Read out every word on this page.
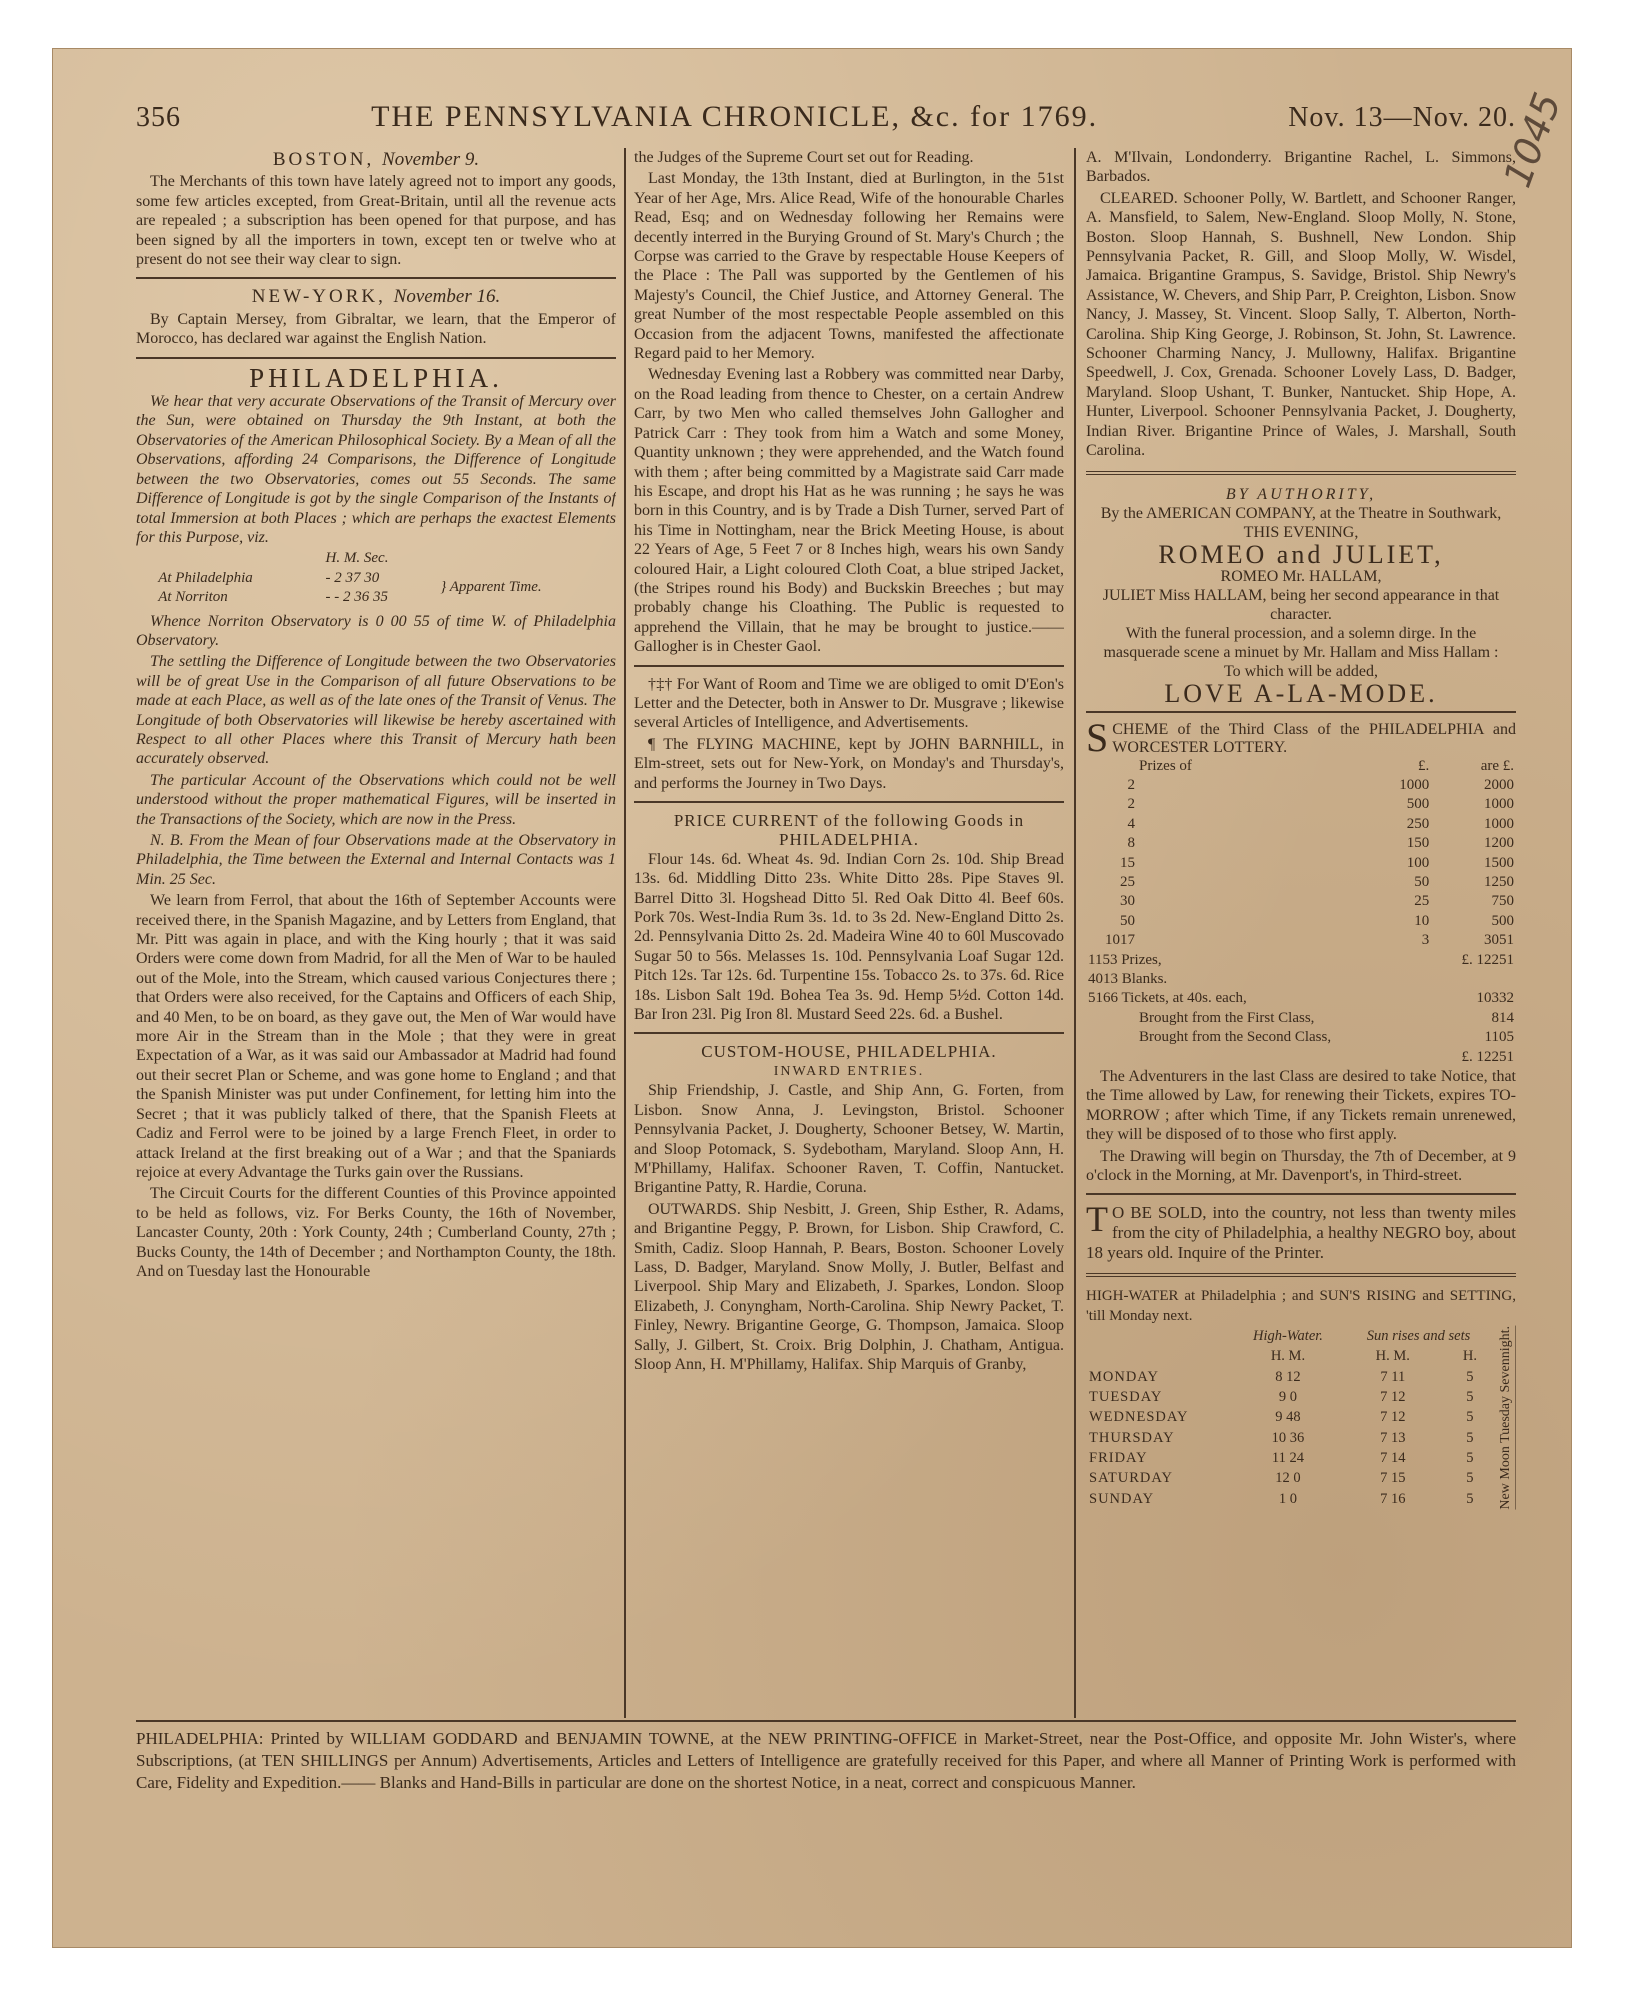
356	THE PENNSYLVANIA CHRONICLE, &c. for 1769.	Nov. 13—Nov. 20.
1045
BOSTON, November 9.

The Merchants of this town have lately agreed not to import any goods, some few articles excepted, from Great-Britain, until all the revenue acts are repealed ; a subscription has been opened for that purpose, and has been signed by all the importers in town, except ten or twelve who at present do not see their way clear to sign.

NEW-YORK, November 16.

By Captain Mersey, from Gibraltar, we learn, that the Emperor of Morocco, has declared war against the English Nation.

PHILADELPHIA.

We hear that very accurate Observations of the Transit of Mercury over the Sun, were obtained on Thursday the 9th Instant, at both the Observatories of the American Philosophical Society. By a Mean of all the Observations, affording 24 Comparisons, the Difference of Longitude between the two Observatories, comes out 55 Seconds. The same Difference of Longitude is got by the single Comparison of the Instants of total Immersion at both Places ; which are perhaps the exactest Elements for this Purpose, viz.

	H. M. Sec.	
At Philadelphia	- 2 37 30	} Apparent Time.
At Norriton	- - 2 36 35	

Whence Norriton Observatory is 0 00 55 of time W. of Philadelphia Observatory.

The settling the Difference of Longitude between the two Observatories will be of great Use in the Comparison of all future Observations to be made at each Place, as well as of the late ones of the Transit of Venus. The Longitude of both Observatories will likewise be hereby ascertained with Respect to all other Places where this Transit of Mercury hath been accurately observed.

The particular Account of the Observations which could not be well understood without the proper mathematical Figures, will be inserted in the Transactions of the Society, which are now in the Press.

N. B. From the Mean of four Observations made at the Observatory in Philadelphia, the Time between the External and Internal Contacts was 1 Min. 25 Sec.

We learn from Ferrol, that about the 16th of September Accounts were received there, in the Spanish Magazine, and by Letters from England, that Mr. Pitt was again in place, and with the King hourly ; that it was said Orders were come down from Madrid, for all the Men of War to be hauled out of the Mole, into the Stream, which caused various Conjectures there ; that Orders were also received, for the Captains and Officers of each Ship, and 40 Men, to be on board, as they gave out, the Men of War would have more Air in the Stream than in the Mole ; that they were in great Expectation of a War, as it was said our Ambassador at Madrid had found out their secret Plan or Scheme, and was gone home to England ; and that the Spanish Minister was put under Confinement, for letting him into the Secret ; that it was publicly talked of there, that the Spanish Fleets at Cadiz and Ferrol were to be joined by a large French Fleet, in order to attack Ireland at the first breaking out of a War ; and that the Spaniards rejoice at every Advantage the Turks gain over the Russians.

The Circuit Courts for the different Counties of this Province appointed to be held as follows, viz. For Berks County, the 16th of November, Lancaster County, 20th : York County, 24th ; Cumberland County, 27th ; Bucks County, the 14th of December ; and Northampton County, the 18th. And on Tuesday last the Honourable

the Judges of the Supreme Court set out for Reading.

Last Monday, the 13th Instant, died at Burlington, in the 51st Year of her Age, Mrs. Alice Read, Wife of the honourable Charles Read, Esq; and on Wednesday following her Remains were decently interred in the Burying Ground of St. Mary's Church ; the Corpse was carried to the Grave by respectable House Keepers of the Place : The Pall was supported by the Gentlemen of his Majesty's Council, the Chief Justice, and Attorney General. The great Number of the most respectable People assembled on this Occasion from the adjacent Towns, manifested the affectionate Regard paid to her Memory.

Wednesday Evening last a Robbery was committed near Darby, on the Road leading from thence to Chester, on a certain Andrew Carr, by two Men who called themselves John Gallogher and Patrick Carr : They took from him a Watch and some Money, Quantity unknown ; they were apprehended, and the Watch found with them ; after being committed by a Magistrate said Carr made his Escape, and dropt his Hat as he was running ; he says he was born in this Country, and is by Trade a Dish Turner, served Part of his Time in Nottingham, near the Brick Meeting House, is about 22 Years of Age, 5 Feet 7 or 8 Inches high, wears his own Sandy coloured Hair, a Light coloured Cloth Coat, a blue striped Jacket, (the Stripes round his Body) and Buckskin Breeches ; but may probably change his Cloathing. The Public is requested to apprehend the Villain, that he may be brought to justice.——Gallogher is in Chester Gaol.

†‡† For Want of Room and Time we are obliged to omit D'Eon's Letter and the Detecter, both in Answer to Dr. Musgrave ; likewise several Articles of Intelligence, and Advertisements.

¶ The FLYING MACHINE, kept by JOHN BARNHILL, in Elm-street, sets out for New-York, on Monday's and Thursday's, and performs the Journey in Two Days.

PRICE CURRENT of the following Goods in PHILADELPHIA.

Flour 14s. 6d. Wheat 4s. 9d. Indian Corn 2s. 10d. Ship Bread 13s. 6d. Middling Ditto 23s. White Ditto 28s. Pipe Staves 9l. Barrel Ditto 3l. Hogshead Ditto 5l. Red Oak Ditto 4l. Beef 60s. Pork 70s. West-India Rum 3s. 1d. to 3s 2d. New-England Ditto 2s. 2d. Pennsylvania Ditto 2s. 2d. Madeira Wine 40 to 60l Muscovado Sugar 50 to 56s. Melasses 1s. 10d. Pennsylvania Loaf Sugar 12d. Pitch 12s. Tar 12s. 6d. Turpentine 15s. Tobacco 2s. to 37s. 6d. Rice 18s. Lisbon Salt 19d. Bohea Tea 3s. 9d. Hemp 5½d. Cotton 14d. Bar Iron 23l. Pig Iron 8l. Mustard Seed 22s. 6d. a Bushel.

CUSTOM-HOUSE, PHILADELPHIA.
INWARD ENTRIES.

Ship Friendship, J. Castle, and Ship Ann, G. Forten, from Lisbon. Snow Anna, J. Levingston, Bristol. Schooner Pennsylvania Packet, J. Dougherty, Schooner Betsey, W. Martin, and Sloop Potomack, S. Sydebotham, Maryland. Sloop Ann, H. M'Phillamy, Halifax. Schooner Raven, T. Coffin, Nantucket. Brigantine Patty, R. Hardie, Coruna.

OUTWARDS. Ship Nesbitt, J. Green, Ship Esther, R. Adams, and Brigantine Peggy, P. Brown, for Lisbon. Ship Crawford, C. Smith, Cadiz. Sloop Hannah, P. Bears, Boston. Schooner Lovely Lass, D. Badger, Maryland. Snow Molly, J. Butler, Belfast and Liverpool. Ship Mary and Elizabeth, J. Sparkes, London. Sloop Elizabeth, J. Conyngham, North-Carolina. Ship Newry Packet, T. Finley, Newry. Brigantine George, G. Thompson, Jamaica. Sloop Sally, J. Gilbert, St. Croix. Brig Dolphin, J. Chatham, Antigua. Sloop Ann, H. M'Phillamy, Halifax. Ship Marquis of Granby,

A. M'Ilvain, Londonderry. Brigantine Rachel, L. Simmons, Barbados.

CLEARED. Schooner Polly, W. Bartlett, and Schooner Ranger, A. Mansfield, to Salem, New-England. Sloop Molly, N. Stone, Boston. Sloop Hannah, S. Bushnell, New London. Ship Pennsylvania Packet, R. Gill, and Sloop Molly, W. Wisdel, Jamaica. Brigantine Grampus, S. Savidge, Bristol. Ship Newry's Assistance, W. Chevers, and Ship Parr, P. Creighton, Lisbon. Snow Nancy, J. Massey, St. Vincent. Sloop Sally, T. Alberton, North-Carolina. Ship King George, J. Robinson, St. John, St. Lawrence. Schooner Charming Nancy, J. Mullowny, Halifax. Brigantine Speedwell, J. Cox, Grenada. Schooner Lovely Lass, D. Badger, Maryland. Sloop Ushant, T. Bunker, Nantucket. Ship Hope, A. Hunter, Liverpool. Schooner Pennsylvania Packet, J. Dougherty, Indian River. Brigantine Prince of Wales, J. Marshall, South Carolina.

BY AUTHORITY,
By the AMERICAN COMPANY, at the Theatre in Southwark, THIS EVENING,
ROMEO and JULIET,
ROMEO Mr. HALLAM,
JULIET Miss HALLAM, being her second appearance in that character.
With the funeral procession, and a solemn dirge. In the masquerade scene a minuet by Mr. Hallam and Miss Hallam :
To which will be added,
LOVE A-LA-MODE.
SCHEME of the Third Class of the PHILADELPHIA and WORCESTER LOTTERY.
	Prizes of	£.	are £.
2		1000	2000
2		500	1000
4		250	1000
8		150	1200
15		100	1500
25		50	1250
30		25	750
50		10	500
1017		3	3051
1153 Prizes,			£. 12251
4013 Blanks.			
5166 Tickets, at 40s. each,			10332
	Brought from the First Class,		814
	Brought from the Second Class,		1105
			£. 12251

The Adventurers in the last Class are desired to take Notice, that the Time allowed by Law, for renewing their Tickets, expires TO-MORROW ; after which Time, if any Tickets remain unrenewed, they will be disposed of to those who first apply.

The Drawing will begin on Thursday, the 7th of December, at 9 o'clock in the Morning, at Mr. Davenport's, in Third-street.

T O BE SOLD, into the country, not less than twenty miles from the city of Philadelphia, a healthy NEGRO boy, about 18 years old. Inquire of the Printer.
HIGH-WATER at Philadelphia ; and SUN'S RISING and SETTING, 'till Monday next.
	High-Water.	Sun rises and sets	
	H. M.	H. M.	H.
MONDAY	8 12	7 11	5
TUESDAY	9 0	7 12	5
WEDNESDAY	9 48	7 12	5
THURSDAY	10 36	7 13	5
FRIDAY	11 24	7 14	5
SATURDAY	12 0	7 15	5
SUNDAY	1 0	7 16	5 New Moon Tuesday Sevennight.
PHILADELPHIA: Printed by WILLIAM GODDARD and BENJAMIN TOWNE, at the NEW PRINTING-OFFICE in Market-Street, near the Post-Office, and opposite Mr. John Wister's, where Subscriptions, (at TEN SHILLINGS per Annum) Advertisements, Articles and Letters of Intelligence are gratefully received for this Paper, and where all Manner of Printing Work is performed with Care, Fidelity and Expedition.—— Blanks and Hand-Bills in particular are done on the shortest Notice, in a neat, correct and conspicuous Manner.
